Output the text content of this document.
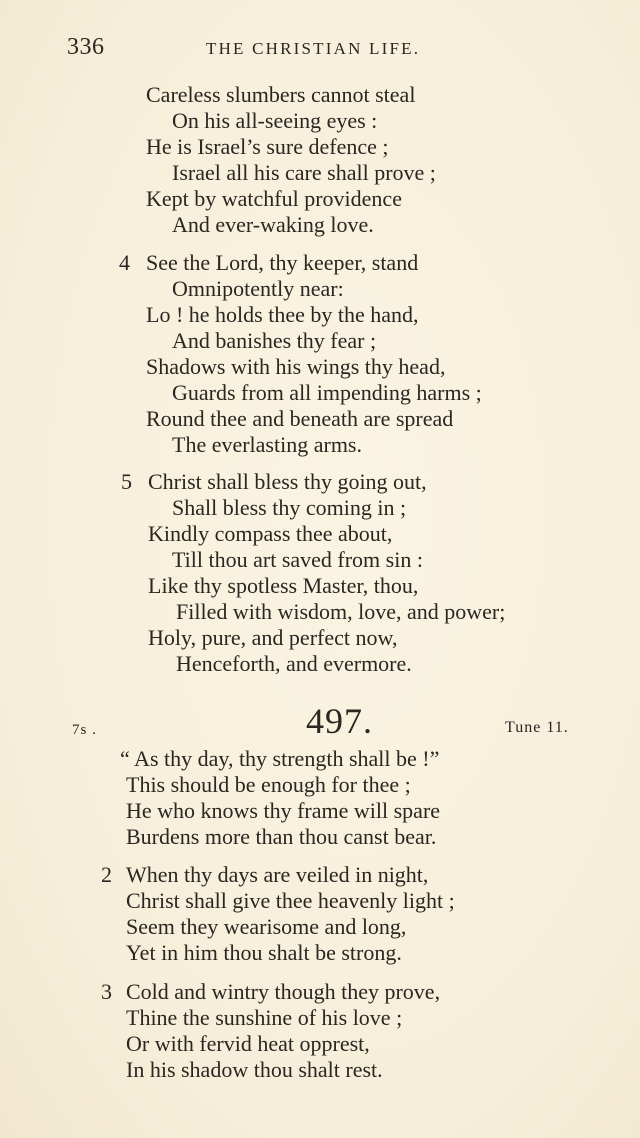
336	THE CHRISTIAN LIFE.
Careless slumbers cannot steal
On his all-seeing eyes :
He is Israel’s sure defence ;
Israel all his care shall prove ;
Kept by watchful providence
And ever-waking love.
4 See the Lord, thy keeper, stand
Omnipotently near:
Lo ! he holds thee by the hand,
And banishes thy fear ;
Shadows with his wings thy head,
Guards from all impending harms ;
Round thee and beneath are spread
The everlasting arms.
5 Christ shall bless thy going out,
Shall bless thy coming in ;
Kindly compass thee about,
Till thou art saved from sin :
Like thy spotless Master, thou,
Filled with wisdom, love, and power;
Holy, pure, and perfect now,
Henceforth, and evermore.
7s .	497.	Tune 11.
“ As thy day, thy strength shall be !”
This should be enough for thee ;
He who knows thy frame will spare
Burdens more than thou canst bear.
2 When thy days are veiled in night,
Christ shall give thee heavenly light ;
Seem they wearisome and long,
Yet in him thou shalt be strong.
3 Cold and wintry though they prove,
Thine the sunshine of his love ;
Or with fervid heat opprest,
In his shadow thou shalt rest.
